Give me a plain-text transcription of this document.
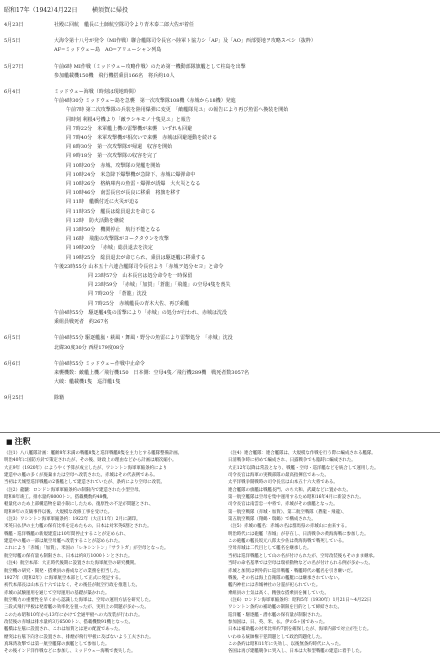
昭和17年（1942）
4月22日 横須賀に帰投
4月23日	社殿に回航　艦長に土師航空隊司令より青木泰二郎大佐が着任
5月5日	大海令第十八号が発令（MI作戦）聯合艦隊司令長官ハ陸軍ト協力シ「AF」及「AO」西部要地ヲ攻略スベシ（抜粋）
AF=ミッドウェー島　AO=アリューシャン列島
5月27日	午前6時 MI作戦（ミッドウェー攻略作戦）のため第一機動部隊旗艦として柱島を出撃
参加艦載機150機　飛行機搭乗員166名　将兵約10人
6月4日	ミッドウェー海戦（時刻は現地時間）
午前4時30分 ミッドウェー島を急襲　第一次攻撃隊108機（赤城から18機）発進
午前7時 第二次攻撃隊の兵装を陸用爆弾に変更　「敵艦隊見ユ」の報告により再び魚雷へ換装を開始
同時刻 利根4号機より「敵ラシキモノ十隻見ユ」と報告
同 7時22分　米軍艦上機の雷撃機が来襲　いずれも回避
同 7時40分　米軍攻撃機が相次いで来襲　赤城は回避運動を続ける
同 8時30分　第一次攻撃隊が帰還　収容を開始
同 9時18分　第一次攻撃隊の収容を完了
同 10時20分　赤城、攻撃隊の発艦を開始
同 10時24分　米急降下爆撃機が急降下、赤城に爆弾命中
同 10時26分　格納庫内の魚雷・爆弾が誘爆　大火災となる
同 10時46分　南雲長官が長良に移乗　将旗を移す
同 11時　艦橋付近に火災が迫る
同 11時35分　艦長は総員退去を命じる
同 12時　防火活動を継続
同 13時50分　機関停止　航行不能となる
同 16時　飛龍の攻撃隊がヨークタウンを攻撃
同 19時20分　「赤城」総員退去を決定
同 19時25分　総員退去が命じられ、乗員は駆逐艦に移乗する
午後23時55分 山本五十六連合艦隊司令長官より「赤城ヲ処分セヨ」と命令
同 23時57分　山本長官は処分命令を一時保留
同 23時59分　「赤城」「加賀」「蒼龍」「飛龍」の空母4隻を喪失
同 7時20分　「蒼龍」沈没
同 7時25分　赤城艦長の青木大佐、再び乗艦
午前4時55分　駆逐艦4隻の雷撃により「赤城」の処分が行われ、赤城は沈没
乗組員戦死者　約267名
6月5日	午前4時55分 駆逐艦嵐・萩風・舞風・野分の魚雷により雷撃処分　「赤城」沈没
北緯30度30分 西経179度08分
6月6日	午前4時55分 ミッドウェー作戦中止命令
来襲機数：敵艦上機／飛行機150　日本側：空母4隻／飛行機289機　戦死者数3057名
大破：艦載機1隻　巡洋艦1隻
9月25日	除籍
■ 注釈
（注1）八八艦隊計画：艦齢8年未満の戦艦8隻と巡洋戦艦8隻を主力とする艦隊整備計画。
明治40年に国防方針で策定されたが、その後、財政上の理由などから計画は順次縮小。
大正9年（1920年）にようやく予算が成立したが、ワシントン海軍軍縮条約により
建造中の艦の多くが廃棄または空母へ改装された。赤城はその代表例である。
当初は天城型巡洋戦艦の2番艦として建造されていたが、条約により空母に改装。
（注2）龍驤：ロンドン海軍軍縮条約の制限内で建造された小型空母。
昭和8年竣工。排水量約8000トン。搭載機数約48機。
軽量化のため上部構造物を最小限にしたため、復原性の不足が問題とされ、
昭和9年の友鶴事件以後、大規模な改修工事を受けた。
（注3）ワシントン海軍軍縮条約：1922年（大正11年）2月に調印。
米英日仏伊の主力艦の保有比率を定めたもの。日本は対米英6割とされた。
戦艦・巡洋戦艦の新規建造は10年間停止することが定められ、
建造中の艦の一部は航空母艦へ改装することが認められた。
これにより「赤城」「加賀」、米国の「レキシントン」「サラトガ」が空母となった。
航空母艦の保有量も制限され、日本は約8万1000トンとされた。
（注4）航空本部：大正時代後期に設置された海軍航空の研究機関。
航空機の研究・開発・搭乗員の養成などの業務を担当した。
1927年（昭和2年）に海軍航空本部として正式に発足する。
初代本部長は山本五十六ではなく、その後任が航空行政を推進した。
赤城の試験運用を通じて空母運用の基礎が築かれた。
航空戦力の重要性を早くから認識した海軍は、空母の運用方法を研究した。
三段式飛行甲板は発着艦の効率化を狙ったが、実用上の問題が多かった。
このため昭和10年から13年にかけて全通甲板への大改装が行われた。
改装後の赤城は排水量約3万6500トン、搭載機数91機となった。
艦橋は左舷に設置され、これは加賀とは逆の配置であった。
煙突は右舷下向きに設置され、排煙が飛行甲板に及ばないよう工夫された。
真珠湾攻撃では第一航空艦隊の旗艦として参加した。
その後インド洋作戦などに参加し、ミッドウェー海戦で喪失した。
（注4）連合艦隊：連合艦隊は、大規模な作戦を行う際に編成される艦隊。
日清戦争時に初めて編成され、日露戦争でも臨時に編成された。
大正12年以降は常設となり、戦艦・空母・巡洋艦などを統合して運用した。
司令長官は海軍の実戦部隊の最高指揮官であった。
太平洋戦争開戦時の司令長官は山本五十六大将である。
連合艦隊の旗艦は戦艦長門、のち大和、武蔵などに置かれた。
第一航空艦隊は空母を集中運用するため昭和16年4月に新設された。
司令長官は南雲忠一中将で、赤城がその旗艦となった。
第一航空戦隊（赤城・加賀）、第二航空戦隊（蒼龍・飛龍）、
第五航空戦隊（翔鶴・瑞鶴）で構成された。
（注5）赤城の艦名：赤城の名は群馬県の赤城山に由来する。
明治時代には砲艦「赤城」が存在し、日清戦争の黄海海戦に参加した。
この砲艦の艦長坂元八郎太少佐は黄海海戦で戦死している。
空母赤城は二代目として艦名を継承した。
当初は巡洋戦艦として山の名が付けられたが、空母改装後もそのまま継承。
当時の命名基準では空母は瑞祥動物などの名が付けられる例が多かった。
赤城と加賀は例外的に巡洋戦艦・戦艦時代の艦名を引き継いだ。
戦後、その名は海上自衛隊の艦艇には継承されていない。
艦内神社には赤城神社の分霊が祀られていた。
乗組員の士気は高く、精強な搭乗員を擁していた。
（注6）ロンドン海軍軍縮条約：昭和5年（1930年）1月21日～4月22日
ワシントン条約の補助艦の制限を目的として締結された。
巡洋艦・駆逐艦・潜水艦の保有量が制限された。
参加国は、日、英、米、仏、伊の5ヶ国であった。
日本は補助艦の対米比率約7割を確保したが、海軍内部で対立が生じた。
いわゆる統帥権干犯問題として政治問題化した。
この条約は昭和11年に失効し、以後無条約時代に入った。
各国は再び建艦競争に突入し、日本は大和型戦艦の建造に着手した。
